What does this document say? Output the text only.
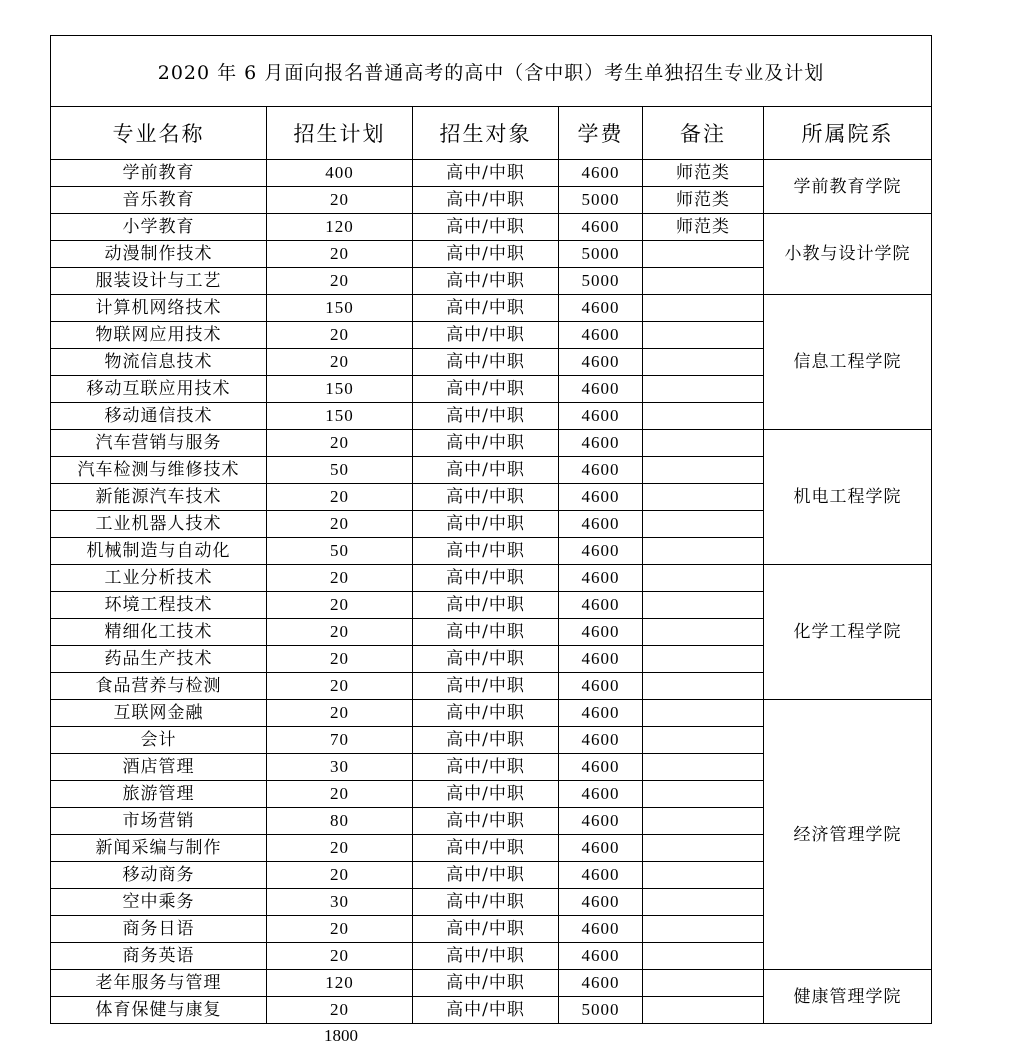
2020 年 6 月面向报名普通高考的高中（含中职）考生单独招生专业及计划					
专业名称	招生计划	招生对象	学费	备注	所属院系
学前教育	400	高中/中职	4600	师范类	学前教育学院
音乐教育	20	高中/中职	5000	师范类	
小学教育	120	高中/中职	4600	师范类	小教与设计学院
动漫制作技术	20	高中/中职	5000		
服装设计与工艺	20	高中/中职	5000		
计算机网络技术	150	高中/中职	4600		信息工程学院
物联网应用技术	20	高中/中职	4600		
物流信息技术	20	高中/中职	4600		
移动互联应用技术	150	高中/中职	4600		
移动通信技术	150	高中/中职	4600		
汽车营销与服务	20	高中/中职	4600		机电工程学院
汽车检测与维修技术	50	高中/中职	4600		
新能源汽车技术	20	高中/中职	4600		
工业机器人技术	20	高中/中职	4600		
机械制造与自动化	50	高中/中职	4600		
工业分析技术	20	高中/中职	4600		化学工程学院
环境工程技术	20	高中/中职	4600		
精细化工技术	20	高中/中职	4600		
药品生产技术	20	高中/中职	4600		
食品营养与检测	20	高中/中职	4600		
互联网金融	20	高中/中职	4600		经济管理学院
会计	70	高中/中职	4600		
酒店管理	30	高中/中职	4600		
旅游管理	20	高中/中职	4600		
市场营销	80	高中/中职	4600		
新闻采编与制作	20	高中/中职	4600		
移动商务	20	高中/中职	4600		
空中乘务	30	高中/中职	4600		
商务日语	20	高中/中职	4600		
商务英语	20	高中/中职	4600		
老年服务与管理	120	高中/中职	4600		健康管理学院
体育保健与康复	20	高中/中职	5000		
1800
